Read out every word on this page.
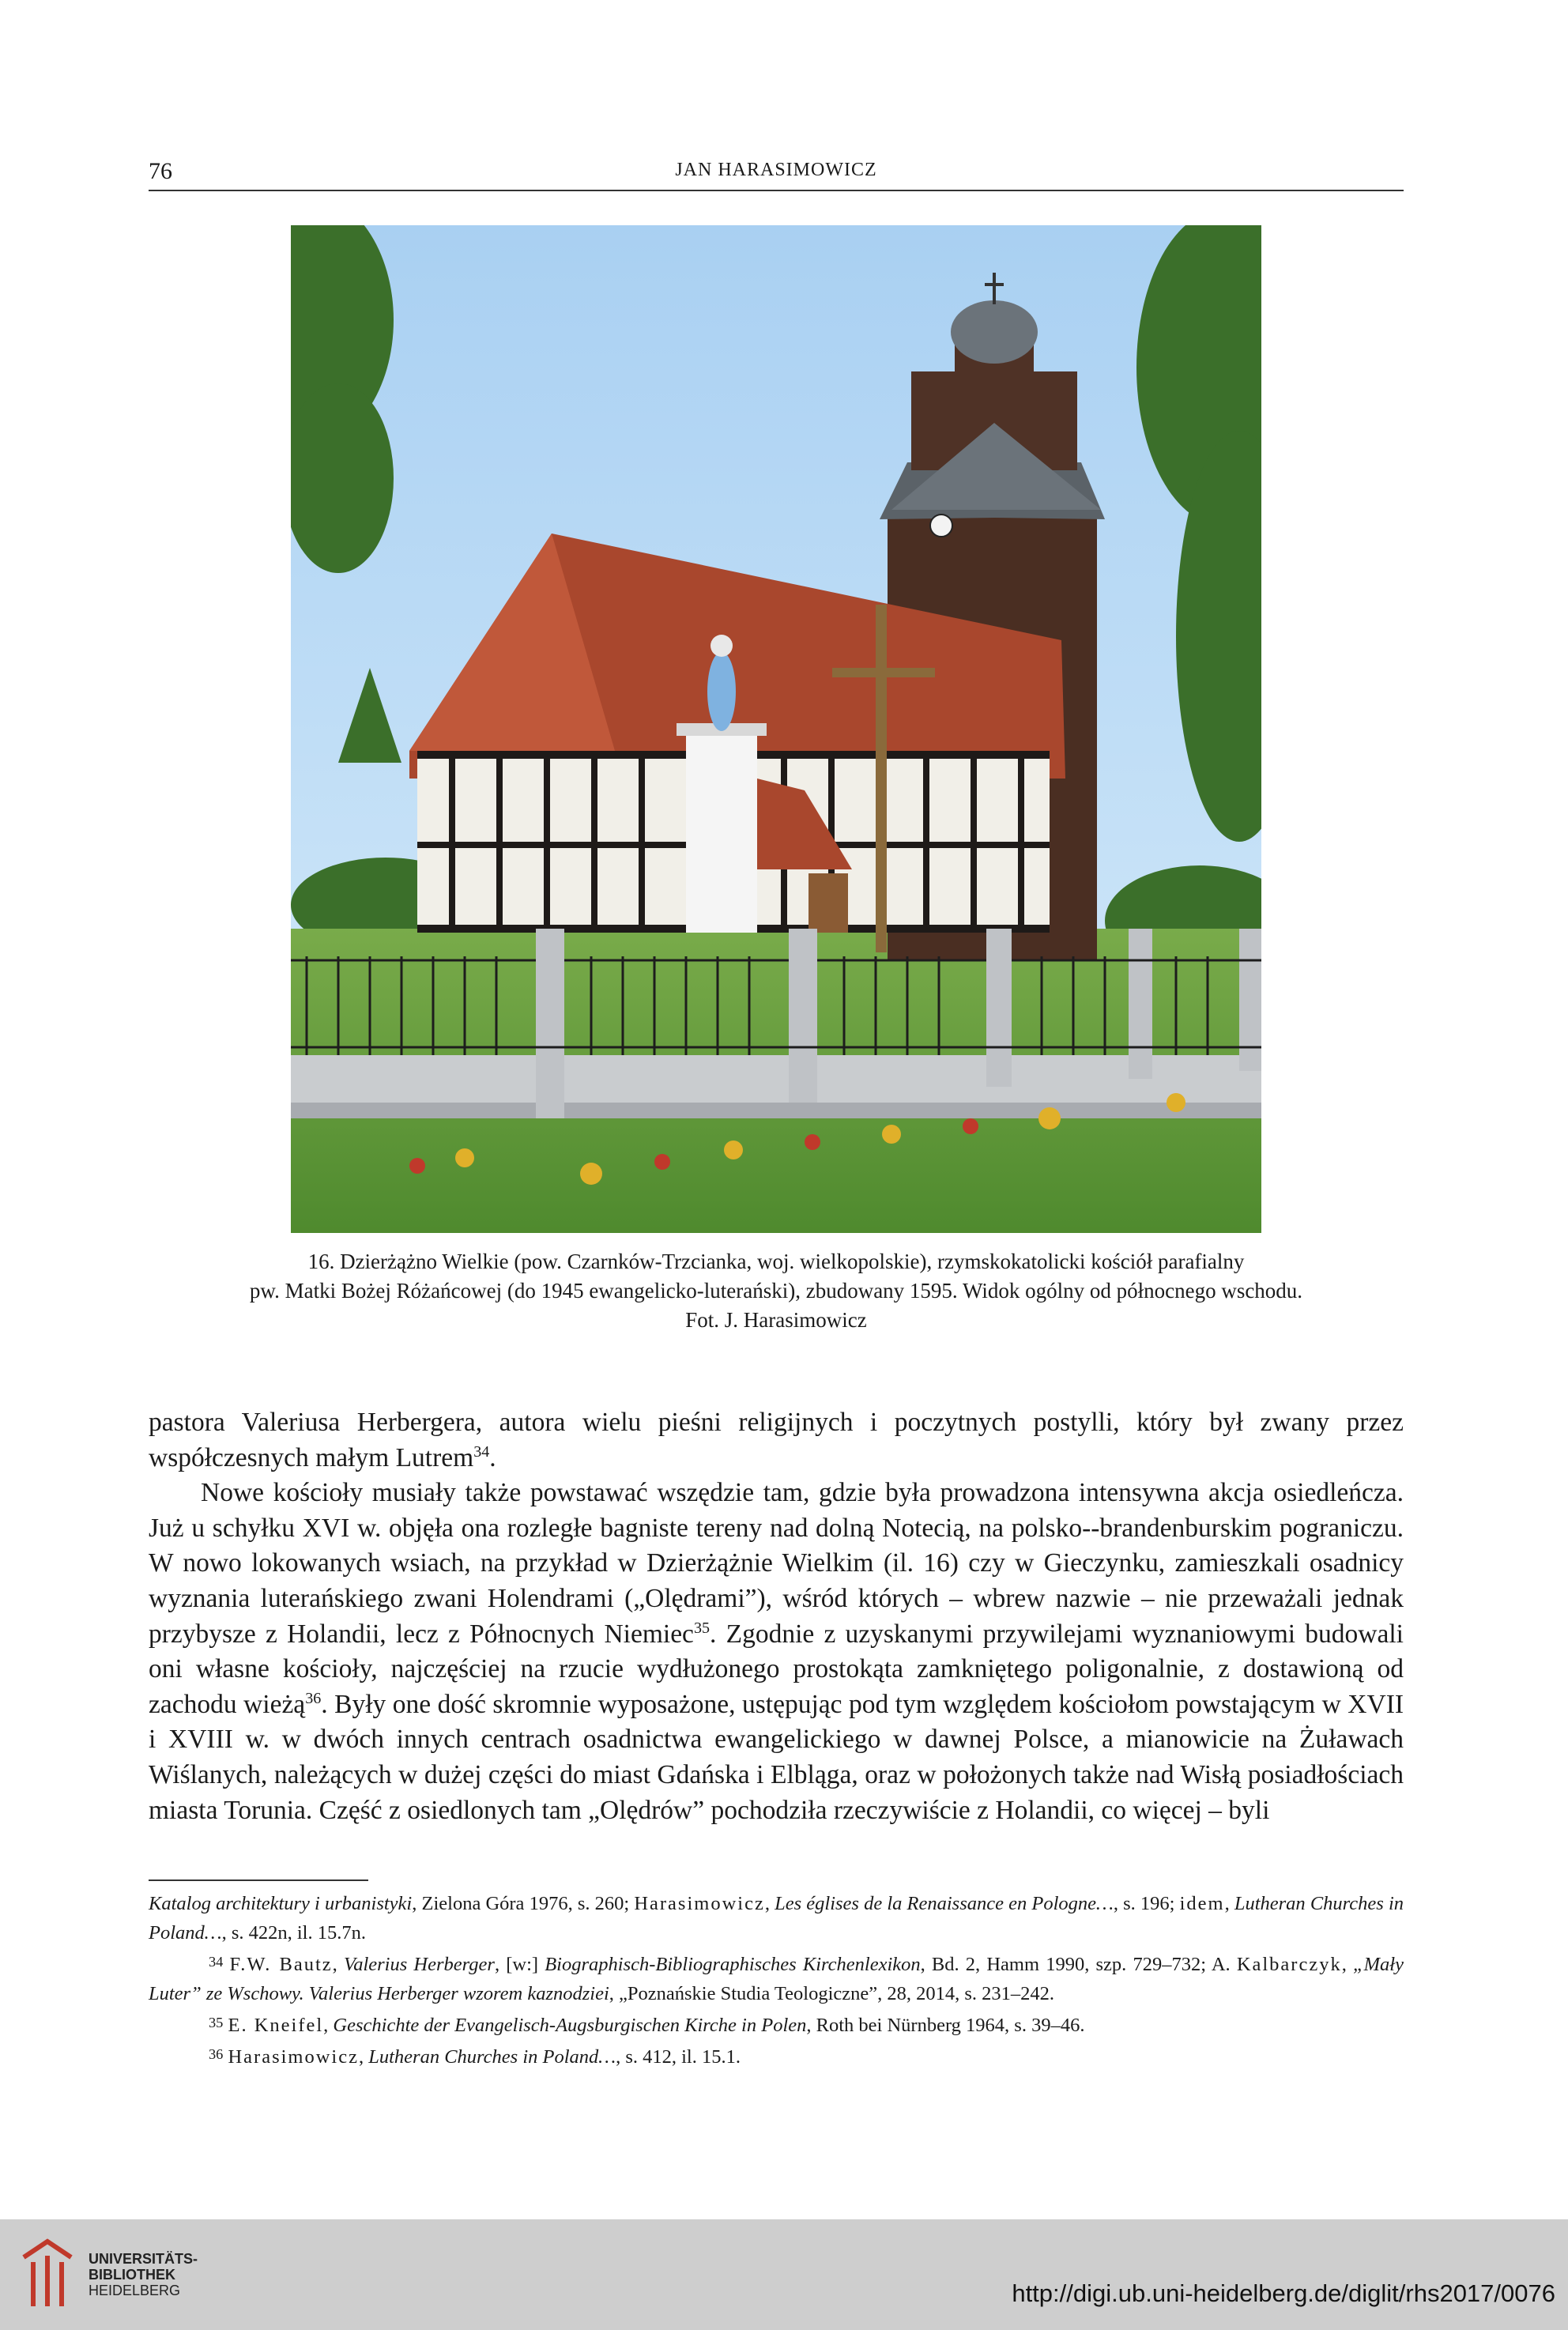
76	JAN HARASIMOWICZ
16. Dzierżążno Wielkie (pow. Czarnków-Trzcianka, woj. wielkopolskie), rzymskokatolicki kościół parafialny
pw. Matki Bożej Różańcowej (do 1945 ewangelicko-luterański), zbudowany 1595. Widok ogólny od północnego wschodu.
Fot. J. Harasimowicz

pastora Valeriusa Herbergera, autora wielu pieśni religijnych i poczytnych postylli, który był zwany przez współczesnych małym Lutrem$^{34}$.

Nowe kościoły musiały także powstawać wszędzie tam, gdzie była prowadzona intensywna akcja osiedleńcza. Już u schyłku XVI w. objęła ona rozległe bagniste tereny nad dolną Notecią, na polsko--brandenburskim pograniczu. W nowo lokowanych wsiach, na przykład w Dzierżążnie Wielkim (il. 16) czy w Gieczynku, zamieszkali osadnicy wyznania luterańskiego zwani Holendrami („Olędrami”), wśród których – wbrew nazwie – nie przeważali jednak przybysze z Holandii, lecz z Północnych Niemiec$^{35}$. Zgodnie z uzyskanymi przywilejami wyznaniowymi budowali oni własne kościoły, najczęściej na rzucie wydłużonego prostokąta zamkniętego poligonalnie, z dostawioną od zachodu wieżą$^{36}$. Były one dość skromnie wyposażone, ustępując pod tym względem kościołom powstającym w XVII i XVIII w. w dwóch innych centrach osadnictwa ewangelickiego w dawnej Polsce, a mianowicie na Żuławach Wiślanych, należących w dużej części do miast Gdańska i Elbląga, oraz w położonych także nad Wisłą posiadłościach miasta Torunia. Część z osiedlonych tam „Olędrów” pochodziła rzeczywiście z Holandii, co więcej – byli

Katalog architektury i urbanistyki, Zielona Góra 1976, s. 260; Harasimowicz, Les églises de la Renaissance en Pologne…, s. 196; idem, Lutheran Churches in Poland…, s. 422n, il. 15.7n.

$^{34}$ F.W. Bautz, Valerius Herberger, [w:] Biographisch-Bibliographisches Kirchenlexikon, Bd. 2, Hamm 1990, szp. 729–732; A. Kalbarczyk, „Mały Luter” ze Wschowy. Valerius Herberger wzorem kaznodziei, „Poznańskie Studia Teologiczne”, 28, 2014, s. 231–242.

$^{35}$ E. Kneifel, Geschichte der Evangelisch-Augsburgischen Kirche in Polen, Roth bei Nürnberg 1964, s. 39–46.

$^{36}$ Harasimowicz, Lutheran Churches in Poland…, s. 412, il. 15.1.

UNIVERSITÄTS-
BIBLIOTHEK
HEIDELBERG	http://digi.ub.uni-heidelberg.de/diglit/rhs2017/0076
